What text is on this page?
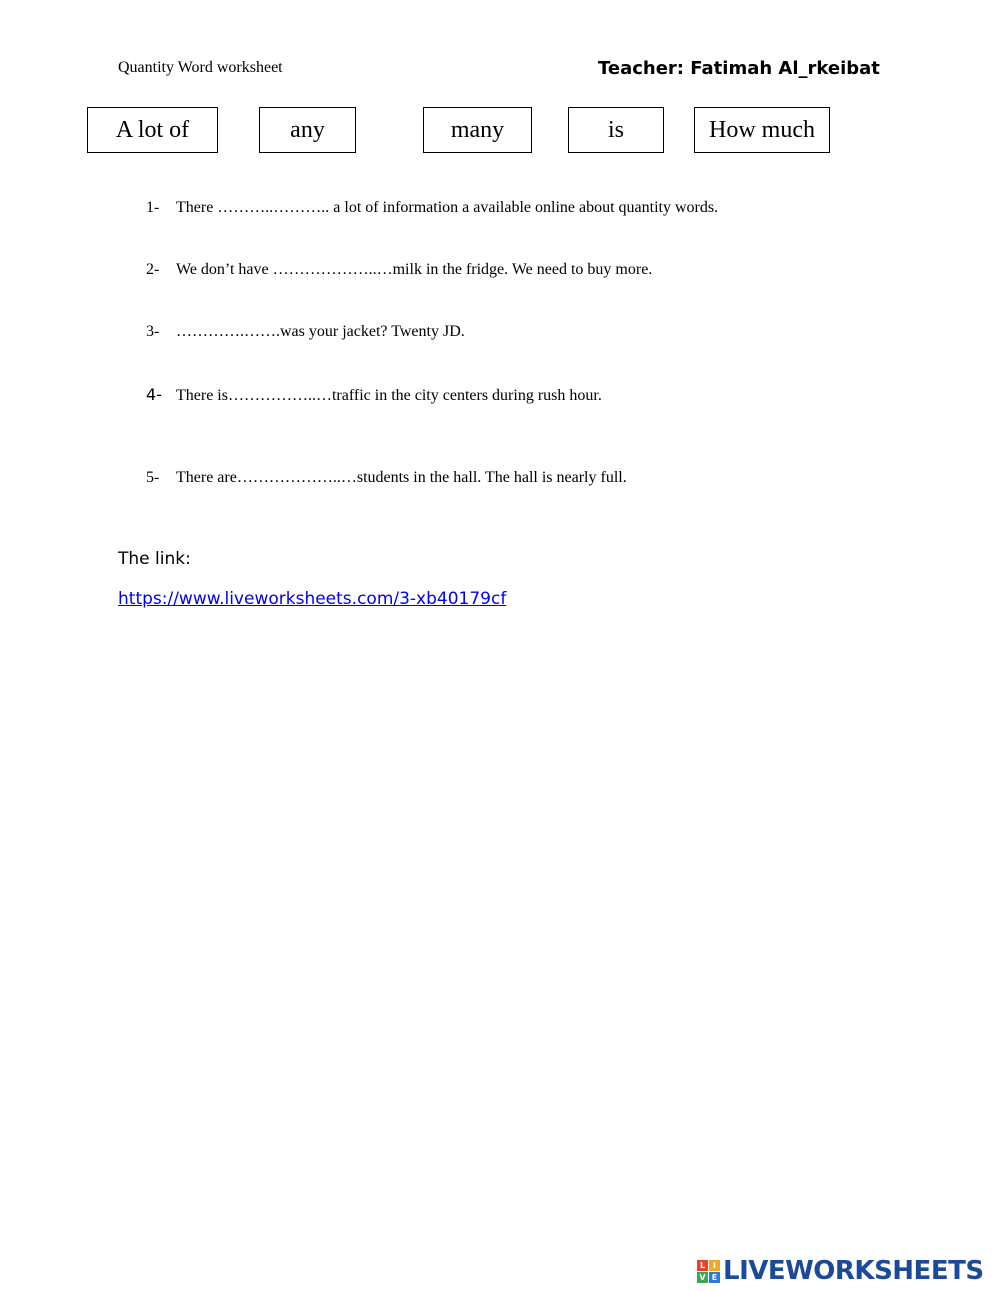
Quantity Word worksheet	Teacher: Fatimah Al_rkeibat
A lot of	any	many	is	How much
1- There ………..……….. a lot of information a available online about quantity words.
2- We don’t have ………………..…milk in the fridge. We need to buy more.
3- ………….…….was your jacket? Twenty JD.
4- There is……………..…traffic in the city centers during rush hour.
5- There are………………..…students in the hall. The hall is nearly full.
The link:
https://www.liveworksheets.com/3-xb40179cf
L I
V E LIVEWORKSHEETS
